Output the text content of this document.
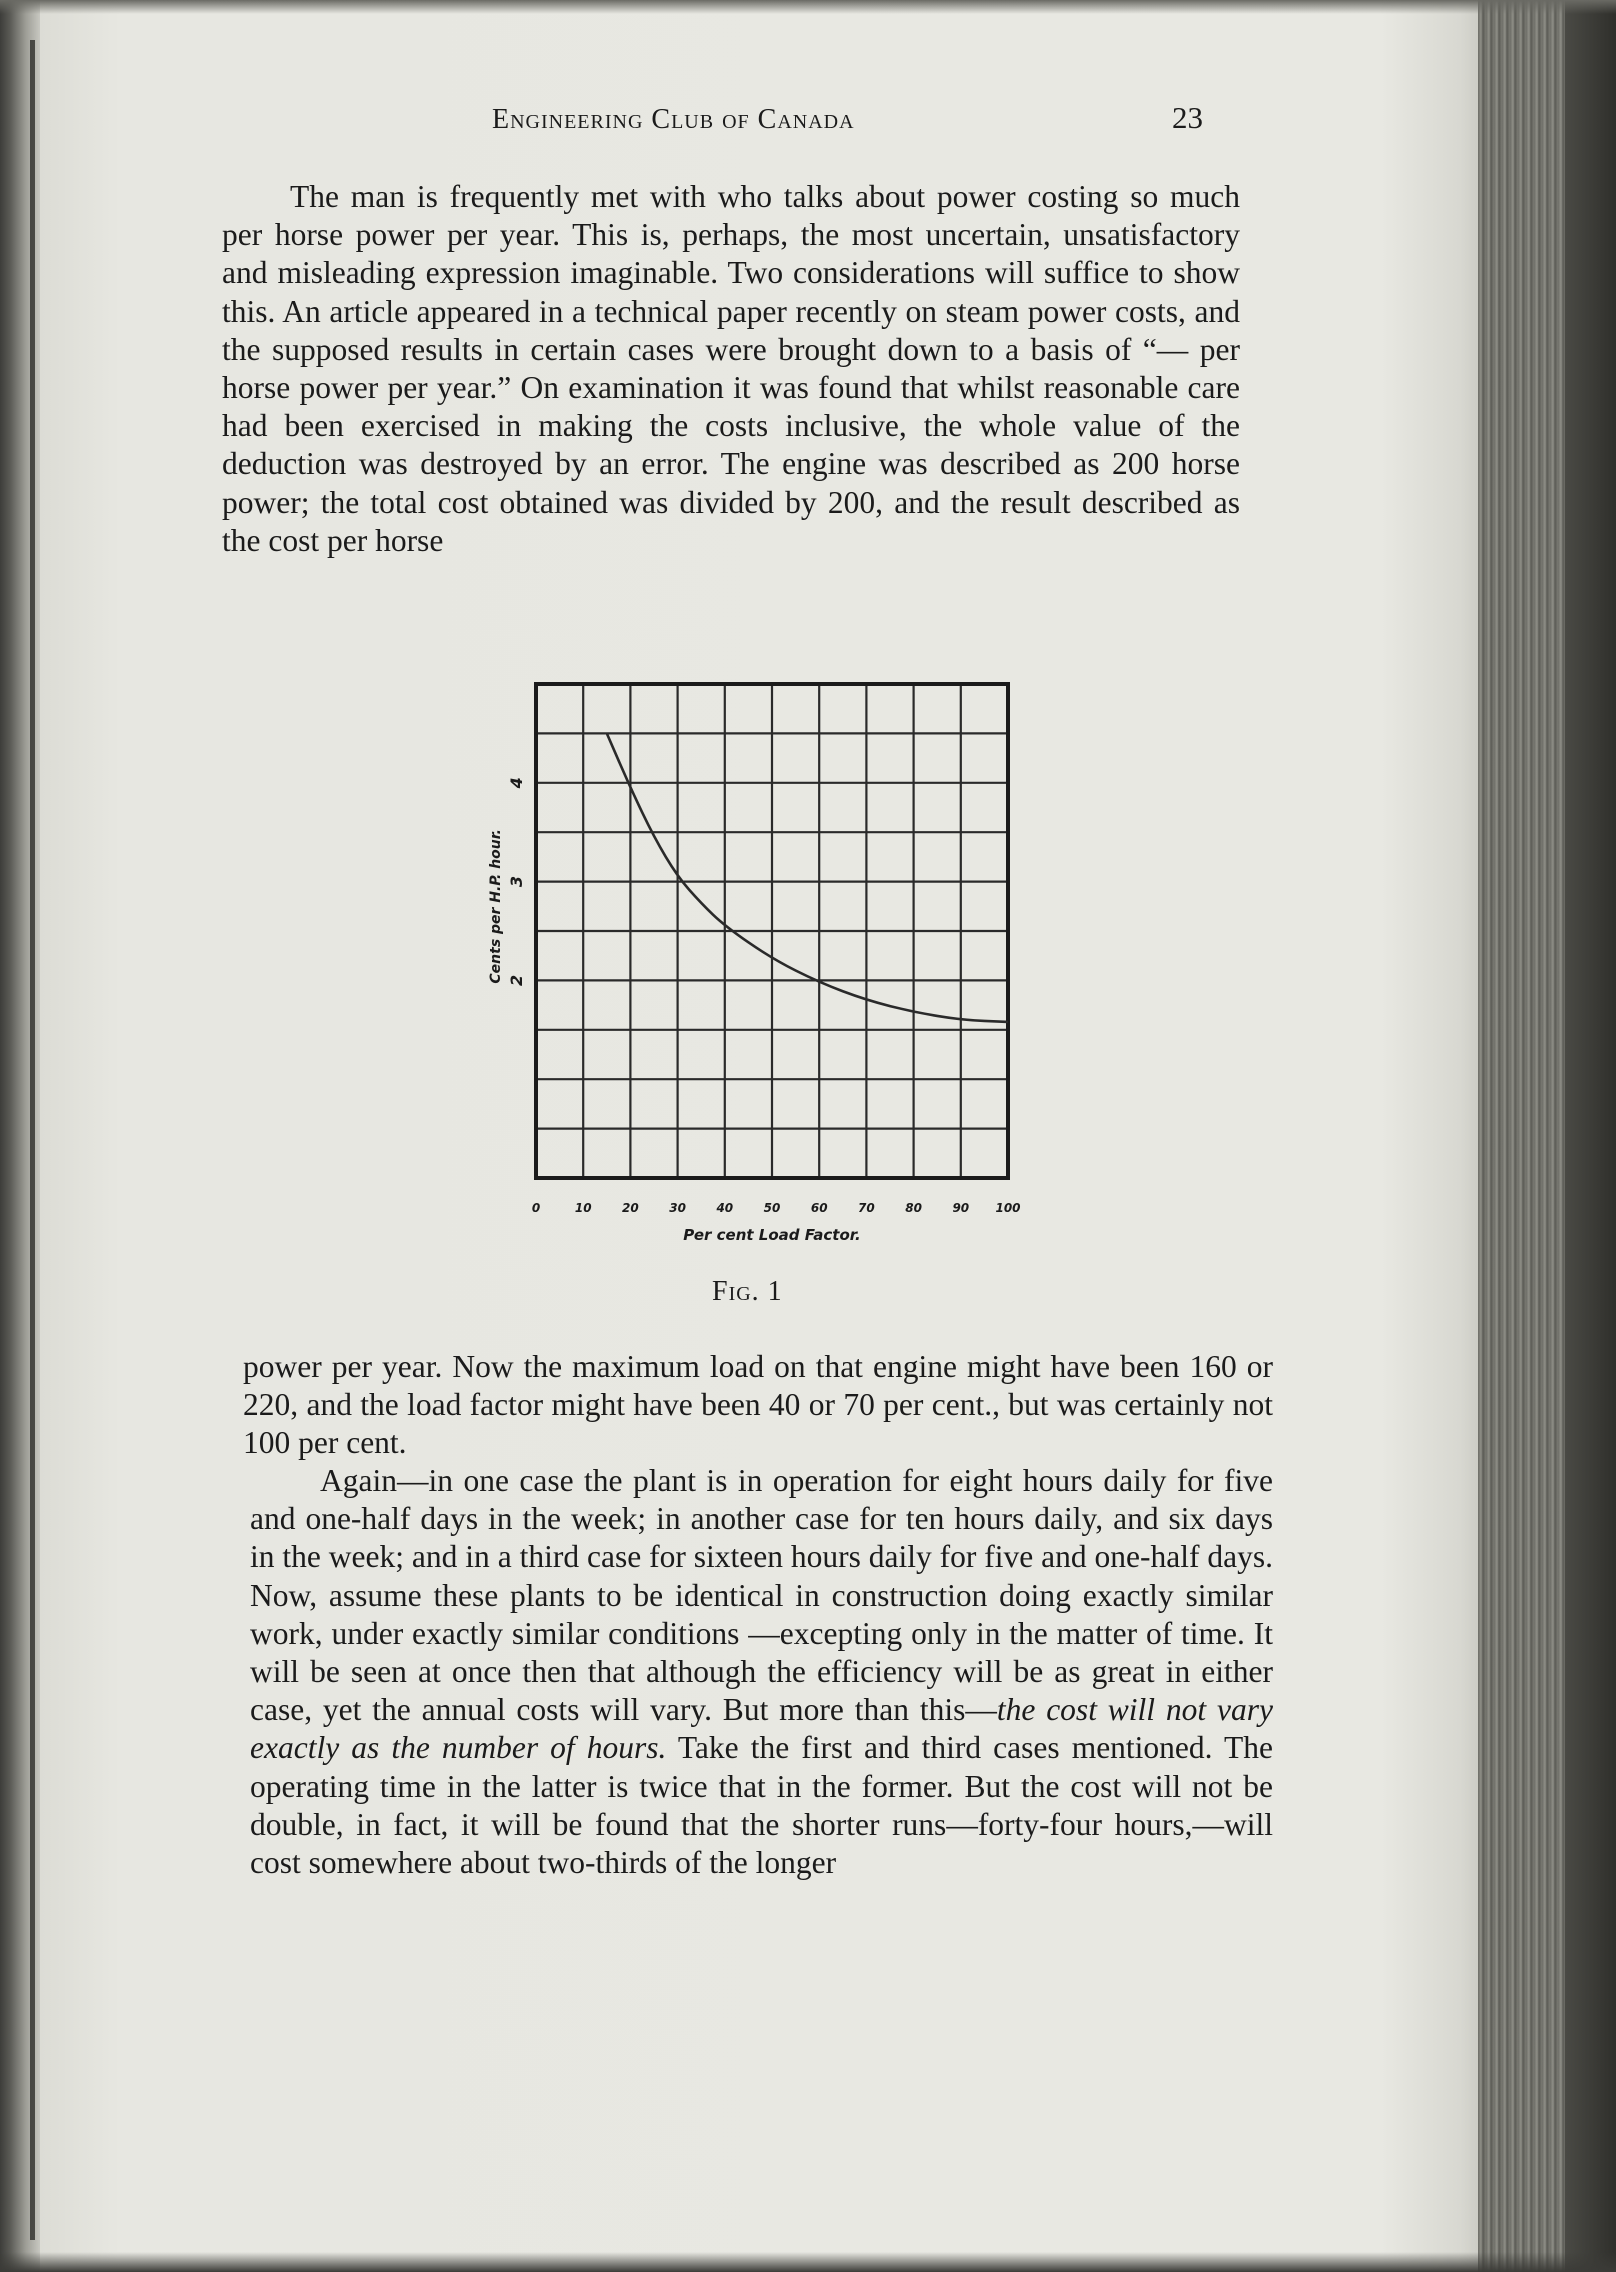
Engineering Club of Canada	23

The man is frequently met with who talks about power costing so much per horse power per year. This is, perhaps, the most uncertain, unsatisfactory and misleading expression imaginable. Two considerations will suffice to show this. An article appeared in a technical paper recently on steam power costs, and the supposed results in certain cases were brought down to a basis of “— per horse power per year.” On examination it was found that whilst reasonable care had been exercised in making the costs inclusive, the whole value of the deduction was destroyed by an error. The engine was described as 200 horse power; the total cost obtained was divided by 200, and the result described as the cost per horse

2
3
4
0	10	20	30	40	50	60	70	80	90 100
Cents per H.P. hour.
Per cent Load Factor.
Fig. 1

power per year. Now the maximum load on that engine might have been 160 or 220, and the load factor might have been 40 or 70 per cent., but was certainly not 100 per cent.

Again—in one case the plant is in operation for eight hours daily for five and one-half days in the week; in another case for ten hours daily, and six days in the week; and in a third case for sixteen hours daily for five and one-half days. Now, assume these plants to be identical in construction doing exactly similar work, under exactly similar conditions —excepting only in the matter of time. It will be seen at once then that although the efficiency will be as great in either case, yet the annual costs will vary. But more than this—the cost will not vary exactly as the number of hours. Take the first and third cases mentioned. The operating time in the latter is twice that in the former. But the cost will not be double, in fact, it will be found that the shorter runs—forty-four hours,—will cost somewhere about two-thirds of the longer
